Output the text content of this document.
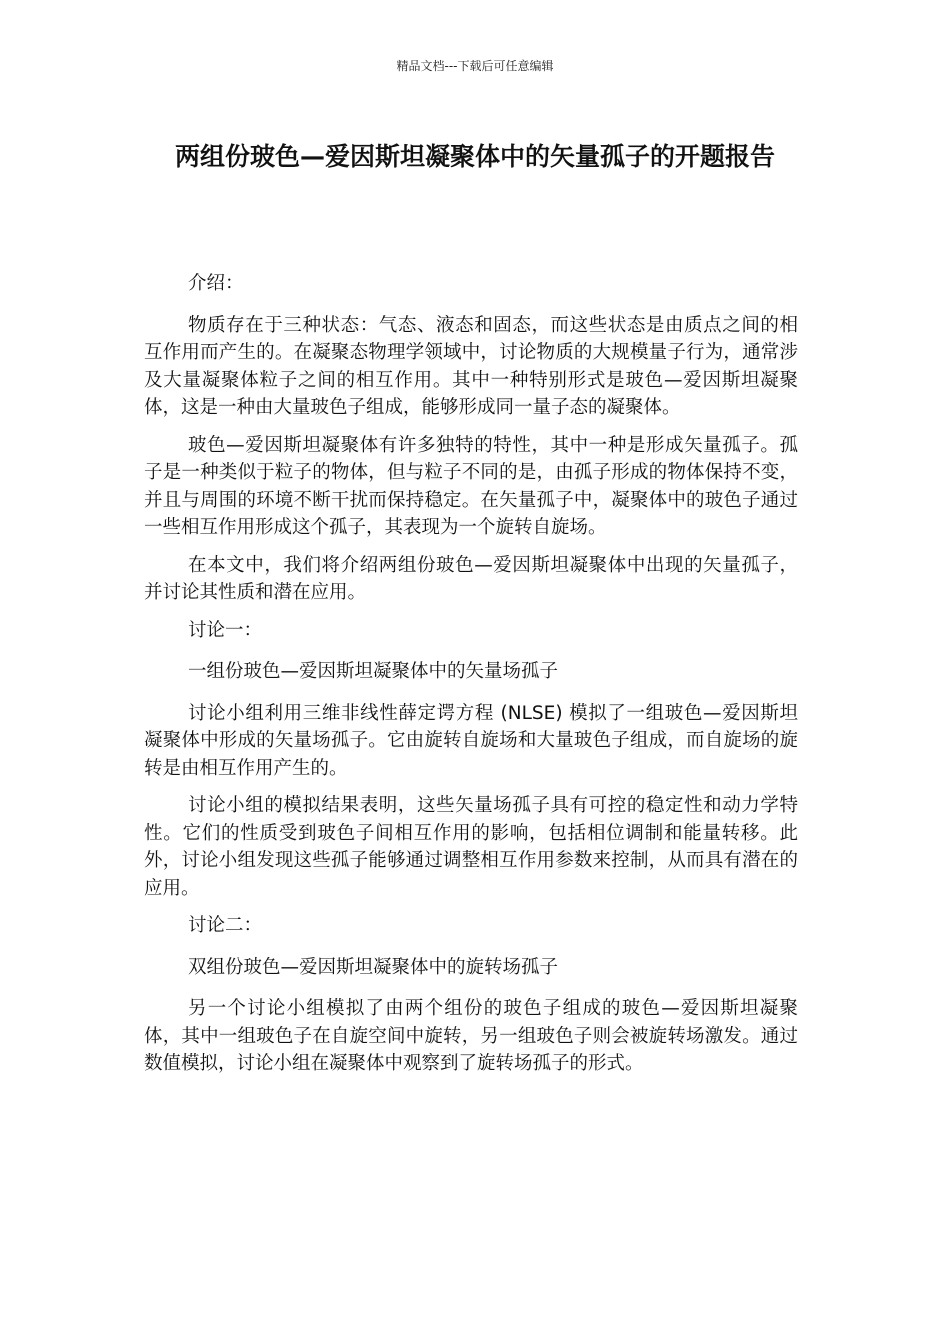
精品文档---下载后可任意编辑
两组份玻色—爱因斯坦凝聚体中的矢量孤子的开题报告

介绍：

物质存在于三种状态：气态、液态和固态，而这些状态是由质点之间的相互作用而产生的。在凝聚态物理学领域中，讨论物质的大规模量子行为，通常涉及大量凝聚体粒子之间的相互作用。其中一种特别形式是玻色—爱因斯坦凝聚体，这是一种由大量玻色子组成，能够形成同一量子态的凝聚体。

玻色—爱因斯坦凝聚体有许多独特的特性，其中一种是形成矢量孤子。孤子是一种类似于粒子的物体，但与粒子不同的是，由孤子形成的物体保持不变，并且与周围的环境不断干扰而保持稳定。在矢量孤子中，凝聚体中的玻色子通过一些相互作用形成这个孤子，其表现为一个旋转自旋场。

在本文中，我们将介绍两组份玻色—爱因斯坦凝聚体中出现的矢量孤子，并讨论其性质和潜在应用。

讨论一：

一组份玻色—爱因斯坦凝聚体中的矢量场孤子

讨论小组利用三维非线性薛定谔方程 (NLSE) 模拟了一组玻色—爱因斯坦凝聚体中形成的矢量场孤子。它由旋转自旋场和大量玻色子组成，而自旋场的旋转是由相互作用产生的。

讨论小组的模拟结果表明，这些矢量场孤子具有可控的稳定性和动力学特性。它们的性质受到玻色子间相互作用的影响，包括相位调制和能量转移。此外，讨论小组发现这些孤子能够通过调整相互作用参数来控制，从而具有潜在的应用。

讨论二：

双组份玻色—爱因斯坦凝聚体中的旋转场孤子

另一个讨论小组模拟了由两个组份的玻色子组成的玻色—爱因斯坦凝聚体，其中一组玻色子在自旋空间中旋转，另一组玻色子则会被旋转场激发。通过数值模拟，讨论小组在凝聚体中观察到了旋转场孤子的形式。
